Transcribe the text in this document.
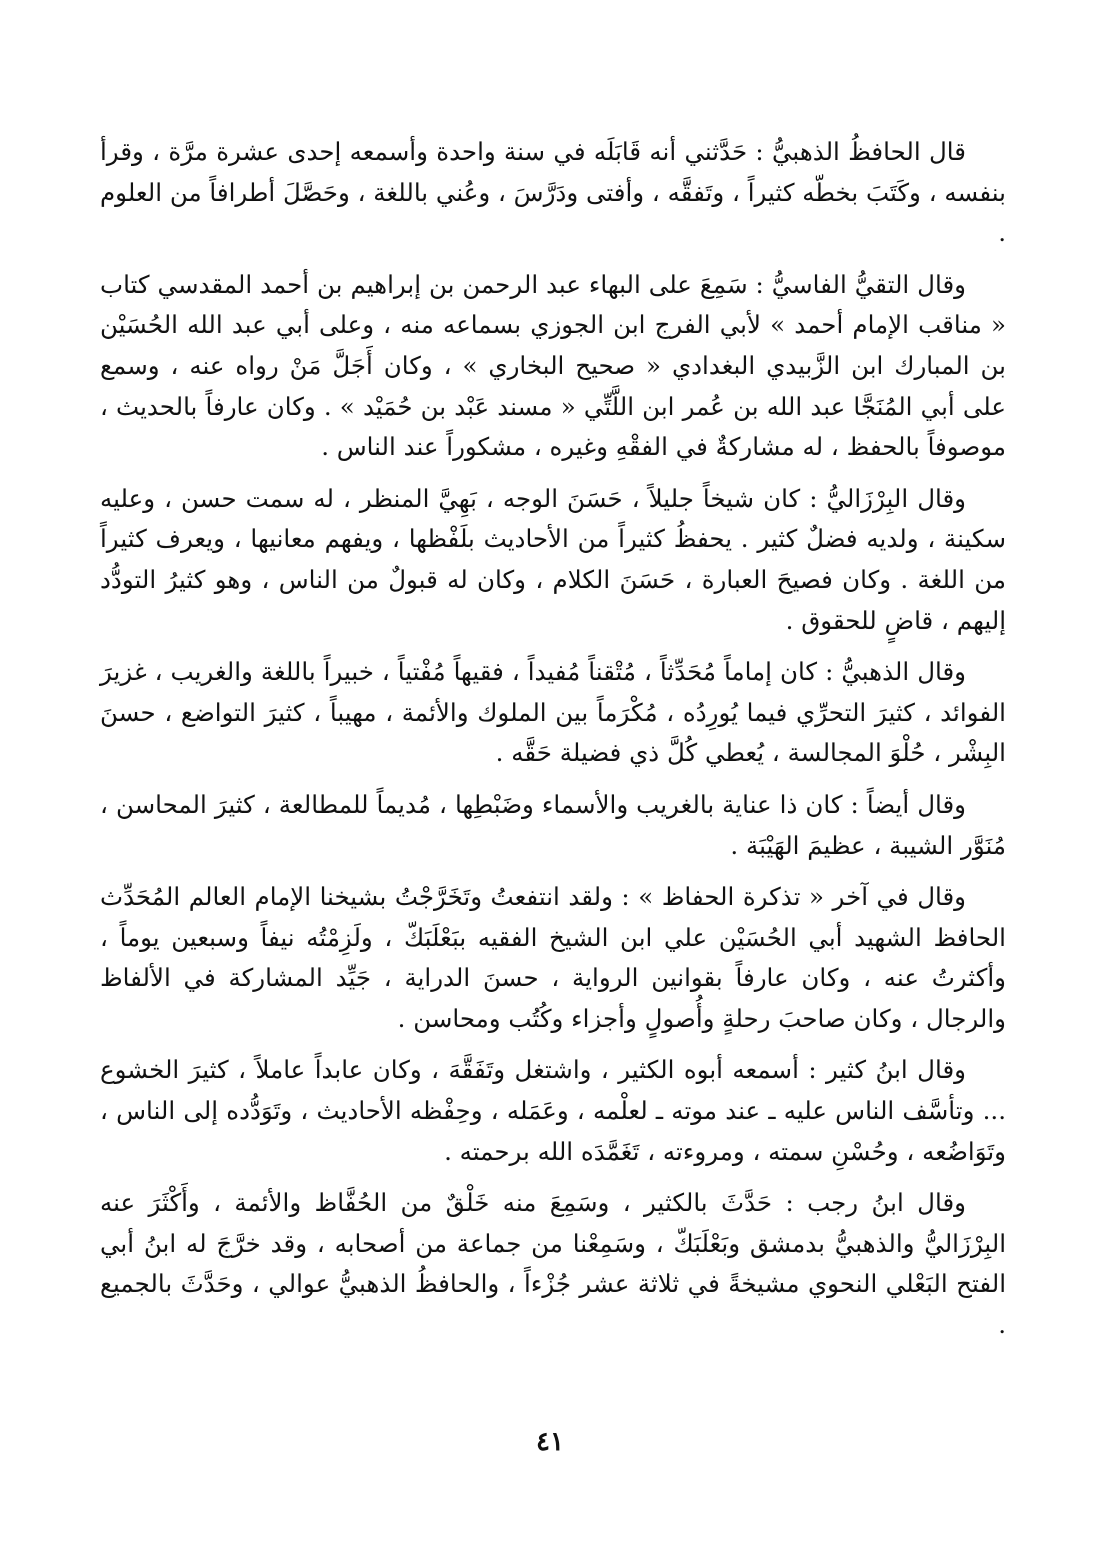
قال الحافظُ الذهبيُّ : حَدَّثني أنه قَابَلَه في سنة واحدة وأسمعه إحدى عشرة مرَّة ، وقرأ بنفسه ، وكَتَبَ بخطّه كثيراً ، وتَفقَّه ، وأفتى ودَرَّسَ ، وعُني باللغة ، وحَصَّلَ أطرافاً من العلوم .

وقال التقيُّ الفاسيُّ : سَمِعَ على البهاء عبد الرحمن بن إبراهيم بن أحمد المقدسي كتاب « مناقب الإمام أحمد » لأبي الفرج ابن الجوزي بسماعه منه ، وعلى أبي عبد الله الحُسَيْن بن المبارك ابن الزَّبيدي البغدادي « صحيح البخاري » ، وكان أَجَلَّ مَنْ رواه عنه ، وسمع على أبي المُنَجَّا عبد الله بن عُمر ابن اللَّتِّي « مسند عَبْد بن حُمَيْد » . وكان عارفاً بالحديث ، موصوفاً بالحفظ ، له مشاركةٌ في الفقْهِ وغيره ، مشكوراً عند الناس .

وقال البِرْزَاليُّ : كان شيخاً جليلاً ، حَسَنَ الوجه ، بَهِيَّ المنظر ، له سمت حسن ، وعليه سكينة ، ولديه فضلٌ كثير . يحفظُ كثيراً من الأحاديث بلَفْظها ، ويفهم معانيها ، ويعرف كثيراً من اللغة . وكان فصيحَ العبارة ، حَسَنَ الكلام ، وكان له قبولٌ من الناس ، وهو كثيرُ التودُّد إليهم ، قاضٍ للحقوق .

وقال الذهبيُّ : كان إماماً مُحَدِّثاً ، مُتْقناً مُفيداً ، فقيهاً مُفْتياً ، خبيراً باللغة والغريب ، غزيرَ الفوائد ، كثيرَ التحرِّي فيما يُورِدُه ، مُكْرَماً بين الملوك والأئمة ، مهيباً ، كثيرَ التواضع ، حسنَ البِشْر ، حُلْوَ المجالسة ، يُعطي كُلَّ ذي فضيلة حَقَّه .

وقال أيضاً : كان ذا عناية بالغريب والأسماء وضَبْطِها ، مُديماً للمطالعة ، كثيرَ المحاسن ، مُنَوَّر الشيبة ، عظيمَ الهَيْبَة .

وقال في آخر « تذكرة الحفاظ » : ولقد انتفعتُ وتَخَرَّجْتُ بشيخنا الإمام العالم المُحَدِّث الحافظ الشهيد أبي الحُسَيْن علي ابن الشيخ الفقيه ببَعْلَبَكّ ، ولَزِمْتُه نيفاً وسبعين يوماً ، وأكثرتُ عنه ، وكان عارفاً بقوانين الرواية ، حسنَ الدراية ، جَيِّد المشاركة في الألفاظ والرجال ، وكان صاحبَ رحلةٍ وأُصولٍ وأجزاء وكُتُب ومحاسن .

وقال ابنُ كثير : أسمعه أبوه الكثير ، واشتغل وتَفَقَّهَ ، وكان عابداً عاملاً ، كثيرَ الخشوع ... وتأسَّف الناس عليه ـ عند موته ـ لعلْمه ، وعَمَله ، وحِفْظه الأحاديث ، وتَوَدُّده إلى الناس ، وتَوَاضُعه ، وحُسْنِ سمته ، ومروءته ، تَغَمَّدَه الله برحمته .

وقال ابنُ رجب : حَدَّثَ بالكثير ، وسَمِعَ منه خَلْقٌ من الحُفَّاظ والأئمة ، وأَكْثَرَ عنه البِرْزَاليُّ والذهبيُّ بدمشق وبَعْلَبَكّ ، وسَمِعْنا من جماعة من أصحابه ، وقد خرَّجَ له ابنُ أبي الفتح البَعْلي النحوي مشيخةً في ثلاثة عشر جُزْءاً ، والحافظُ الذهبيُّ عوالي ، وحَدَّثَ بالجميع .

٤١
